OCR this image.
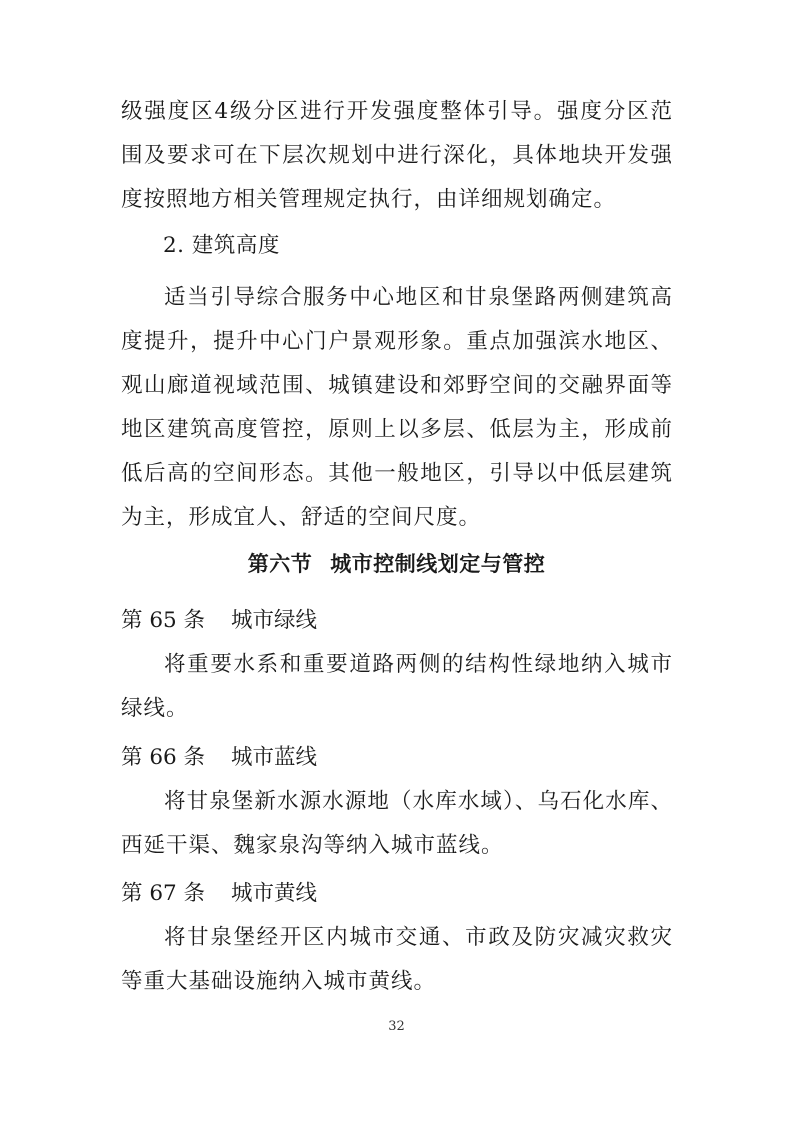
级强度区4级分区进行开发强度整体引导。强度分区范围及要求可在下层次规划中进行深化，具体地块开发强度按照地方相关管理规定执行，由详细规划确定。

2. 建筑高度

适当引导综合服务中心地区和甘泉堡路两侧建筑高度提升，提升中心门户景观形象。重点加强滨水地区、观山廊道视域范围、城镇建设和郊野空间的交融界面等地区建筑高度管控，原则上以多层、低层为主，形成前低后高的空间形态。其他一般地区，引导以中低层建筑为主，形成宜人、舒适的空间尺度。

第六节 城市控制线划定与管控

第 65 条 城市绿线

将重要水系和重要道路两侧的结构性绿地纳入城市绿线。

第 66 条 城市蓝线

将甘泉堡新水源水源地（水库水域）、乌石化水库、西延干渠、魏家泉沟等纳入城市蓝线。

第 67 条 城市黄线

将甘泉堡经开区内城市交通、市政及防灾减灾救灾等重大基础设施纳入城市黄线。

32
